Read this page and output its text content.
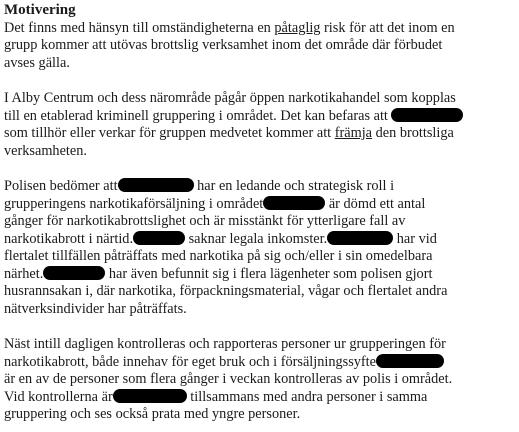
Motivering
Det finns med hänsyn till omständigheterna en påtaglig risk för att det inom en
grupp kommer att utövas brottslig verksamhet inom det område där förbudet
avses gälla.
I Alby Centrum och dess närområde pågår öppen narkotikahandel som kopplas
till en etablerad kriminell gruppering i området. Det kan befaras att
som tillhör eller verkar för gruppen medvetet kommer att främja den brottsliga
verksamheten.
Polisen bedömer att	har en ledande och strategisk roll i
grupperingens narkotikaförsäljning i området	är dömd ett antal
gånger för narkotikabrottslighet och är misstänkt för ytterligare fall av
narkotikabrott i närtid.	saknar legala inkomster.	har vid
flertalet tillfällen påträffats med narkotika på sig och/eller i sin omedelbara
närhet.	har även befunnit sig i flera lägenheter som polisen gjort
husrannsakan i, där narkotika, förpackningsmaterial, vågar och flertalet andra
nätverksindivider har påträffats.
Näst intill dagligen kontrolleras och rapporteras personer ur grupperingen för
narkotikabrott, både innehav för eget bruk och i försäljningssyfte
är en av de personer som flera gånger i veckan kontrolleras av polis i området.
Vid kontrollerna är	tillsammans med andra personer i samma
gruppering och ses också prata med yngre personer.
